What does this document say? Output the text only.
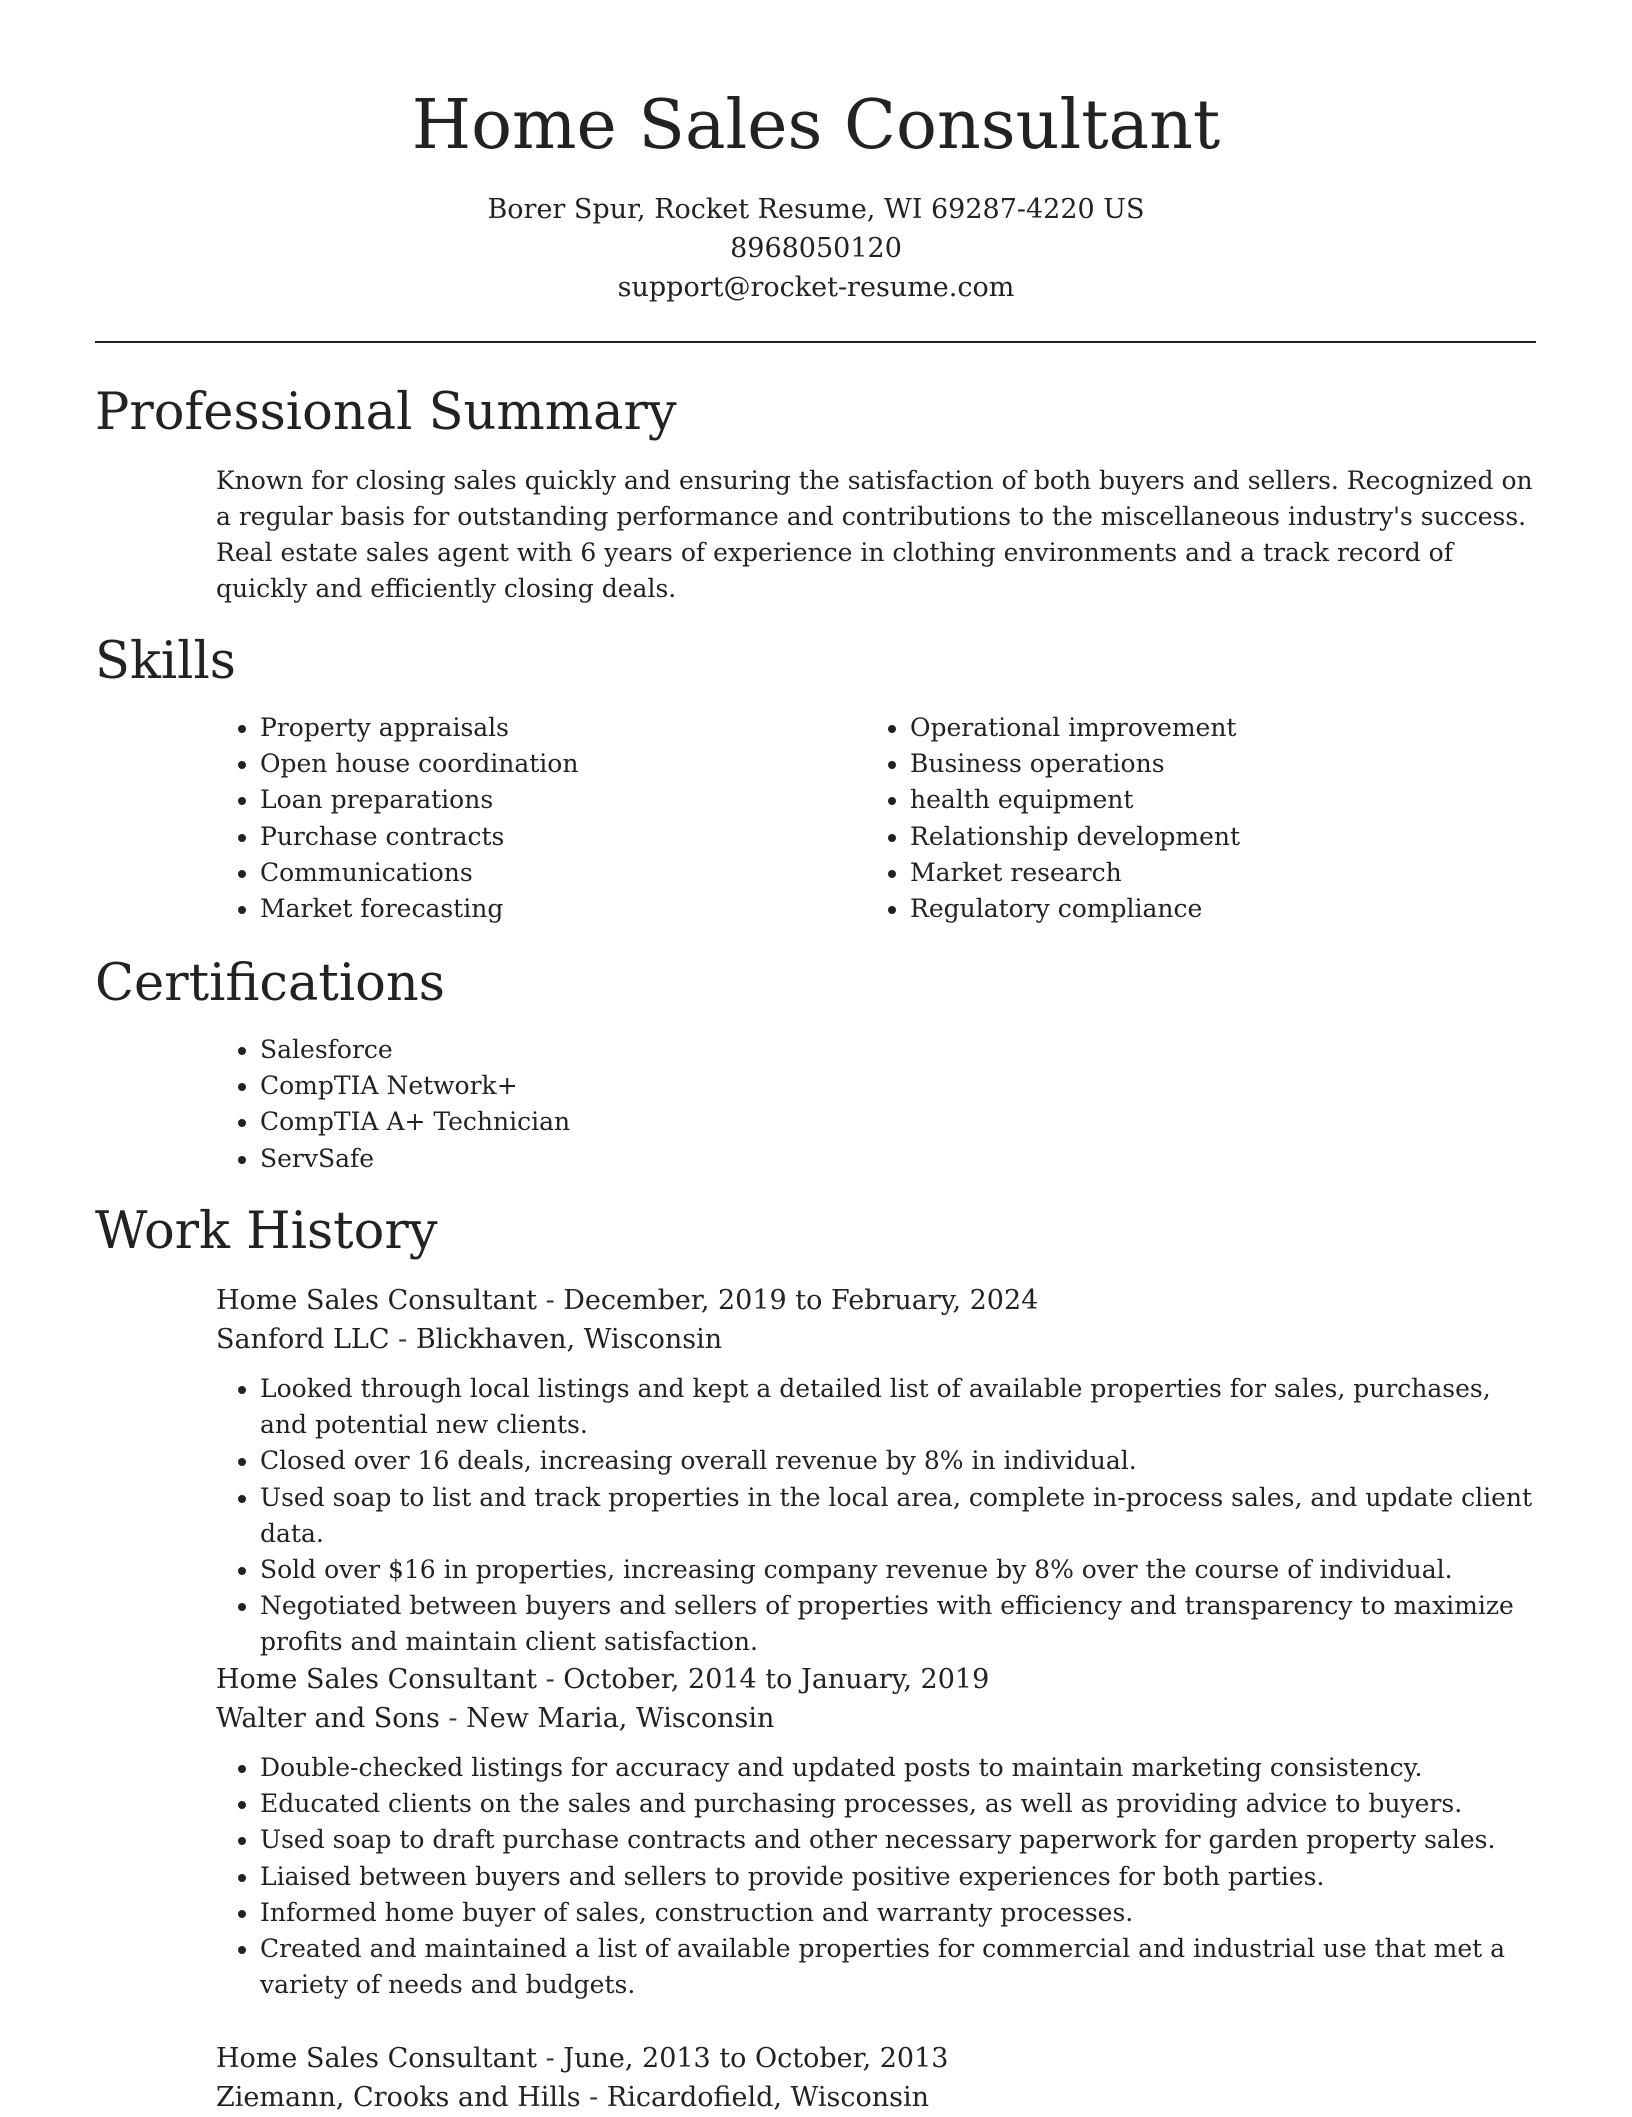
Home Sales Consultant
Borer Spur, Rocket Resume, WI 69287-4220 US
8968050120
support@rocket-resume.com
Professional Summary

Known for closing sales quickly and ensuring the satisfaction of both buyers and sellers. Recognized on a regular basis for outstanding performance and contributions to the miscellaneous industry's success. Real estate sales agent with 6 years of experience in clothing environments and a track record of quickly and efficiently closing deals.

Skills
• Property appraisals
• Open house coordination
• Loan preparations
• Purchase contracts
• Communications
• Market forecasting
• Operational improvement
• Business operations
• health equipment
• Relationship development
• Market research
• Regulatory compliance
Certifications
• Salesforce
• CompTIA Network+
• CompTIA A+ Technician
• ServSafe
Work History

Home Sales Consultant - December, 2019 to February, 2024

Sanford LLC - Blickhaven, Wisconsin

• Looked through local listings and kept a detailed list of available properties for sales, purchases, and potential new clients.
• Closed over 16 deals, increasing overall revenue by 8% in individual.
• Used soap to list and track properties in the local area, complete in-process sales, and update client data.
• Sold over $16 in properties, increasing company revenue by 8% over the course of individual.
• Negotiated between buyers and sellers of properties with efficiency and transparency to maximize profits and maintain client satisfaction.

Home Sales Consultant - October, 2014 to January, 2019

Walter and Sons - New Maria, Wisconsin

• Double-checked listings for accuracy and updated posts to maintain marketing consistency.
• Educated clients on the sales and purchasing processes, as well as providing advice to buyers.
• Used soap to draft purchase contracts and other necessary paperwork for garden property sales.
• Liaised between buyers and sellers to provide positive experiences for both parties.
• Informed home buyer of sales, construction and warranty processes.
• Created and maintained a list of available properties for commercial and industrial use that met a variety of needs and budgets.

Home Sales Consultant - June, 2013 to October, 2013

Ziemann, Crooks and Hills - Ricardofield, Wisconsin
